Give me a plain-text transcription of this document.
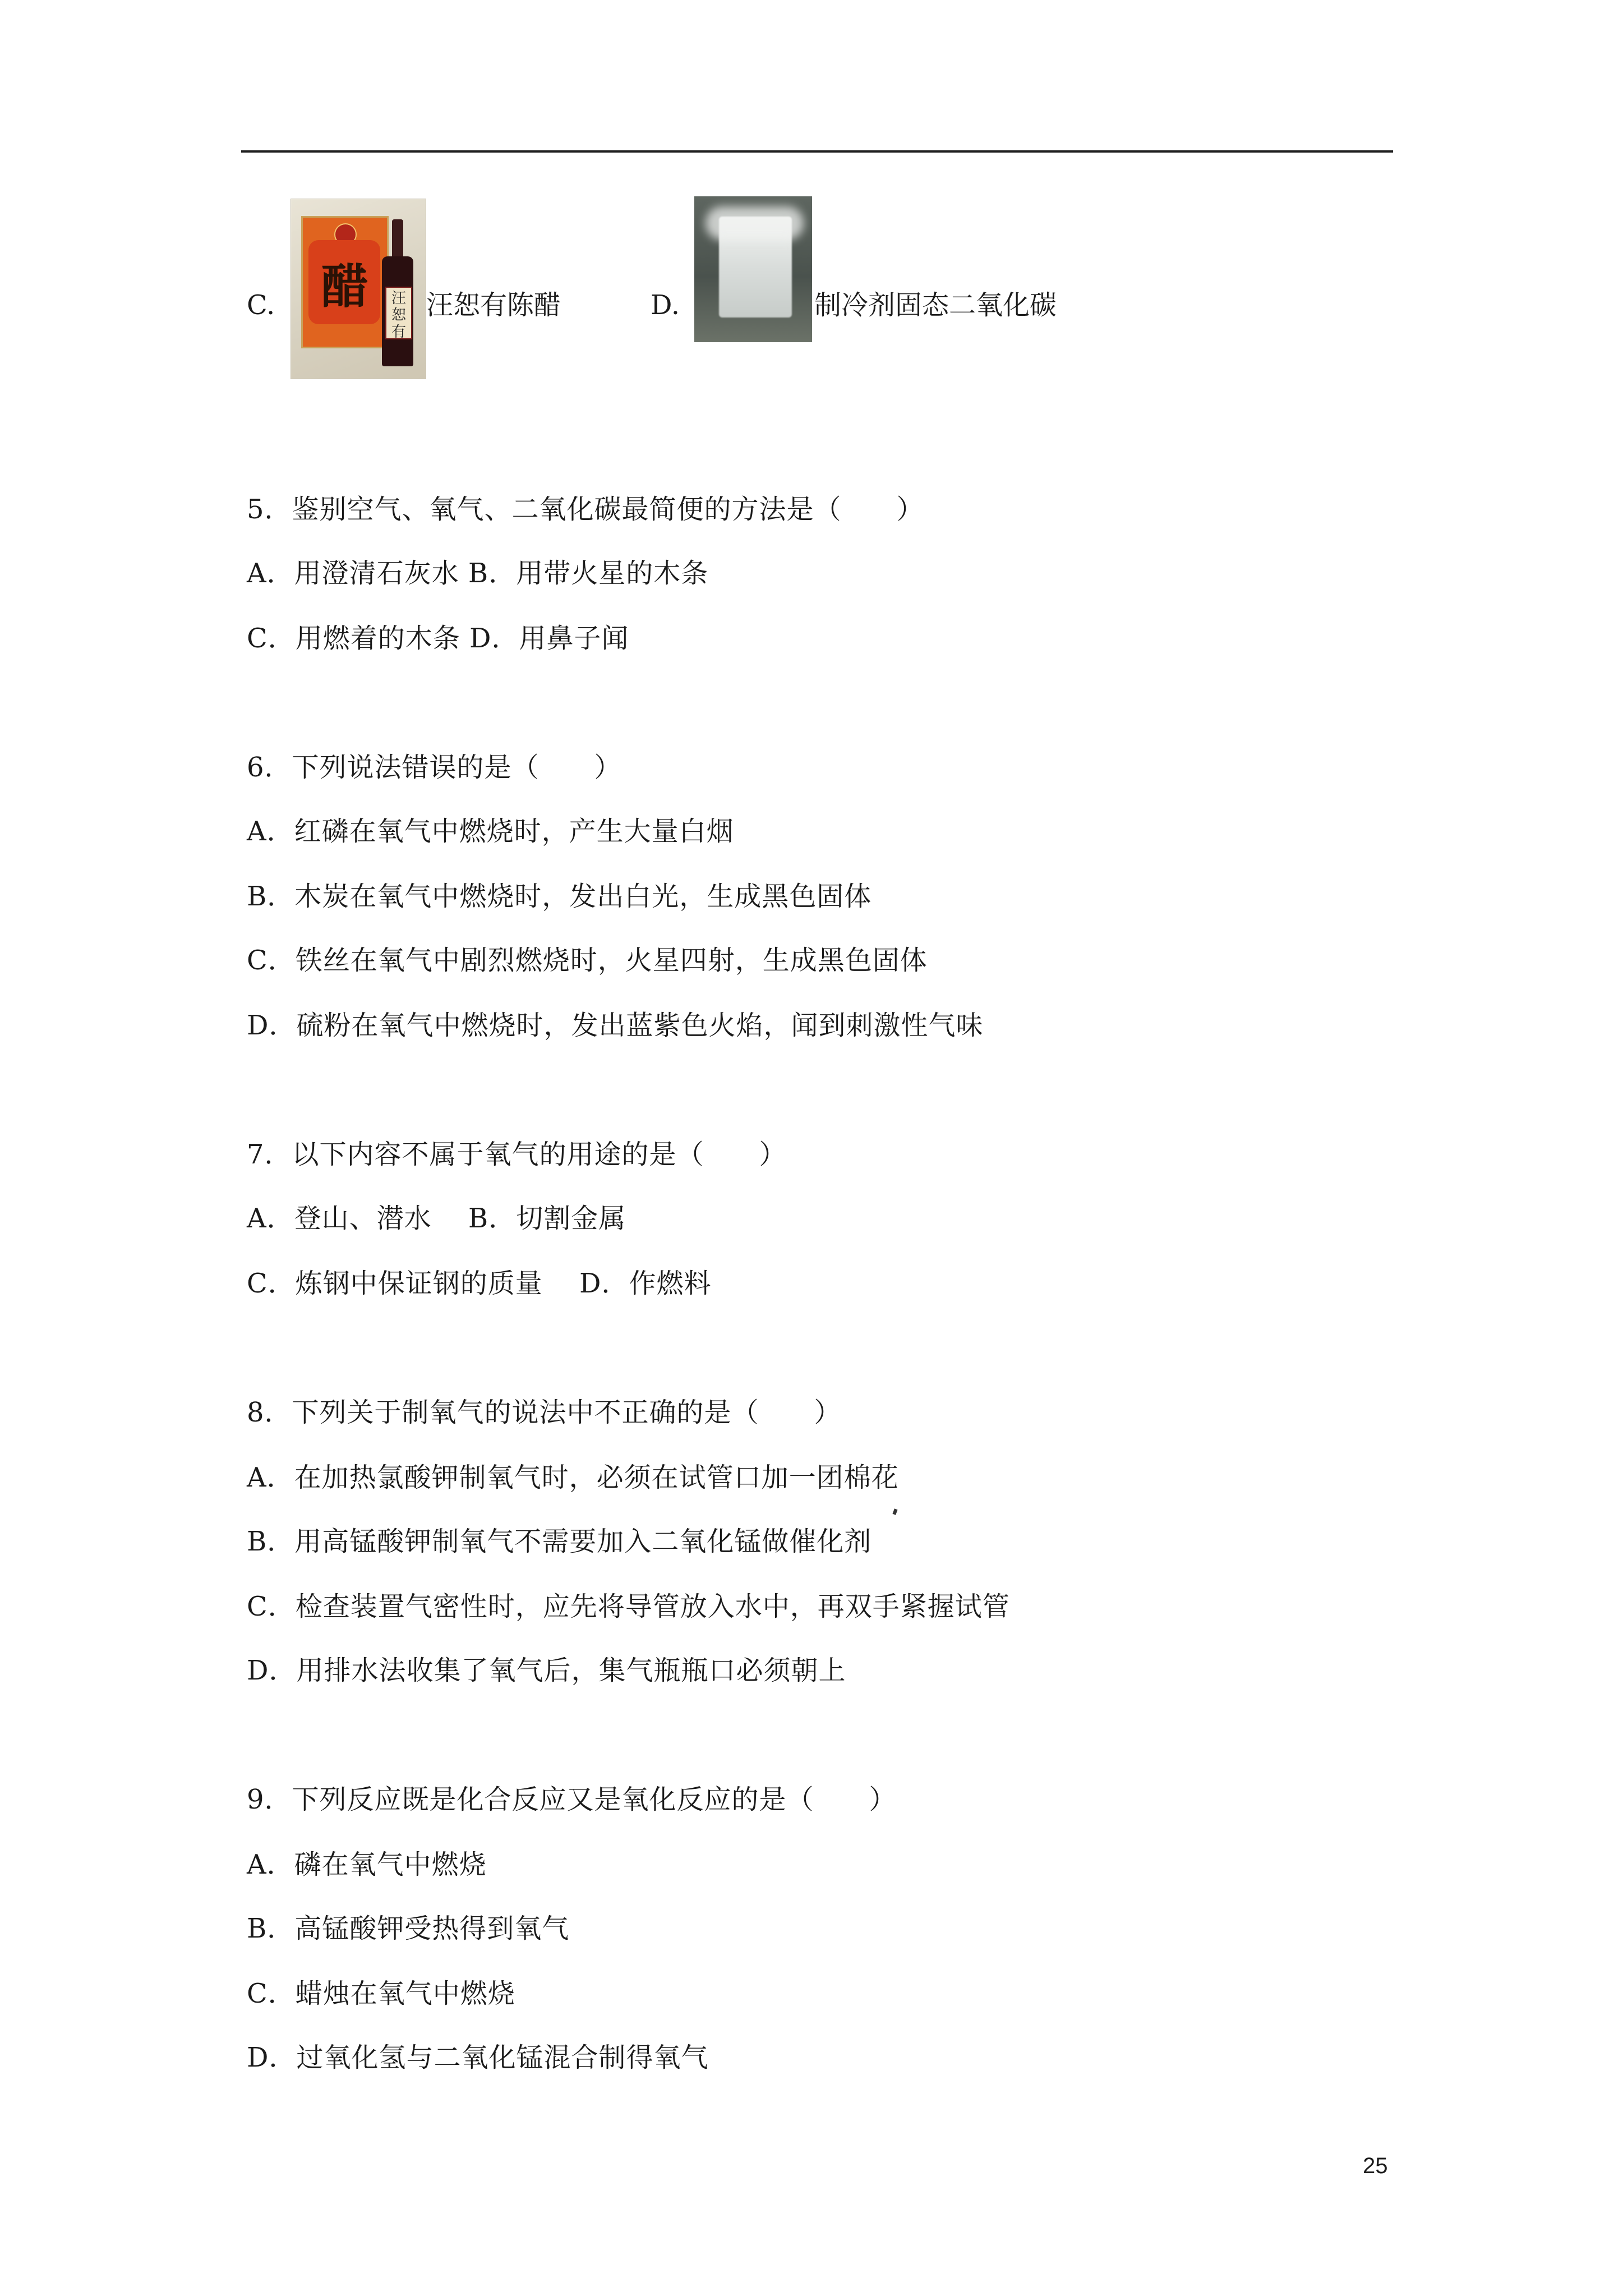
C. 醋	汪恕有
汪恕有陈醋	D.	制冷剂固态二氧化碳
5．鉴别空气、氧气、二氧化碳最简便的方法是（　　）
A．用澄清石灰水 B．用带火星的木条
C．用燃着的木条 D．用鼻子闻
6．下列说法错误的是（　　）
A．红磷在氧气中燃烧时，产生大量白烟
B．木炭在氧气中燃烧时，发出白光，生成黑色固体
C．铁丝在氧气中剧烈燃烧时，火星四射，生成黑色固体
D．硫粉在氧气中燃烧时，发出蓝紫色火焰，闻到刺激性气味
7．以下内容不属于氧气的用途的是（　　）
A．登山、潜水　 B．切割金属
C．炼钢中保证钢的质量　 D．作燃料
8．下列关于制氧气的说法中不正确的是（　　）
A．在加热氯酸钾制氧气时，必须在试管口加一团棉花
B．用高锰酸钾制氧气不需要加入二氧化锰做催化剂
C．检查装置气密性时，应先将导管放入水中，再双手紧握试管
D．用排水法收集了氧气后，集气瓶瓶口必须朝上
9．下列反应既是化合反应又是氧化反应的是（　　）
A．磷在氧气中燃烧
B．高锰酸钾受热得到氧气
C．蜡烛在氧气中燃烧
D．过氧化氢与二氧化锰混合制得氧气
25
